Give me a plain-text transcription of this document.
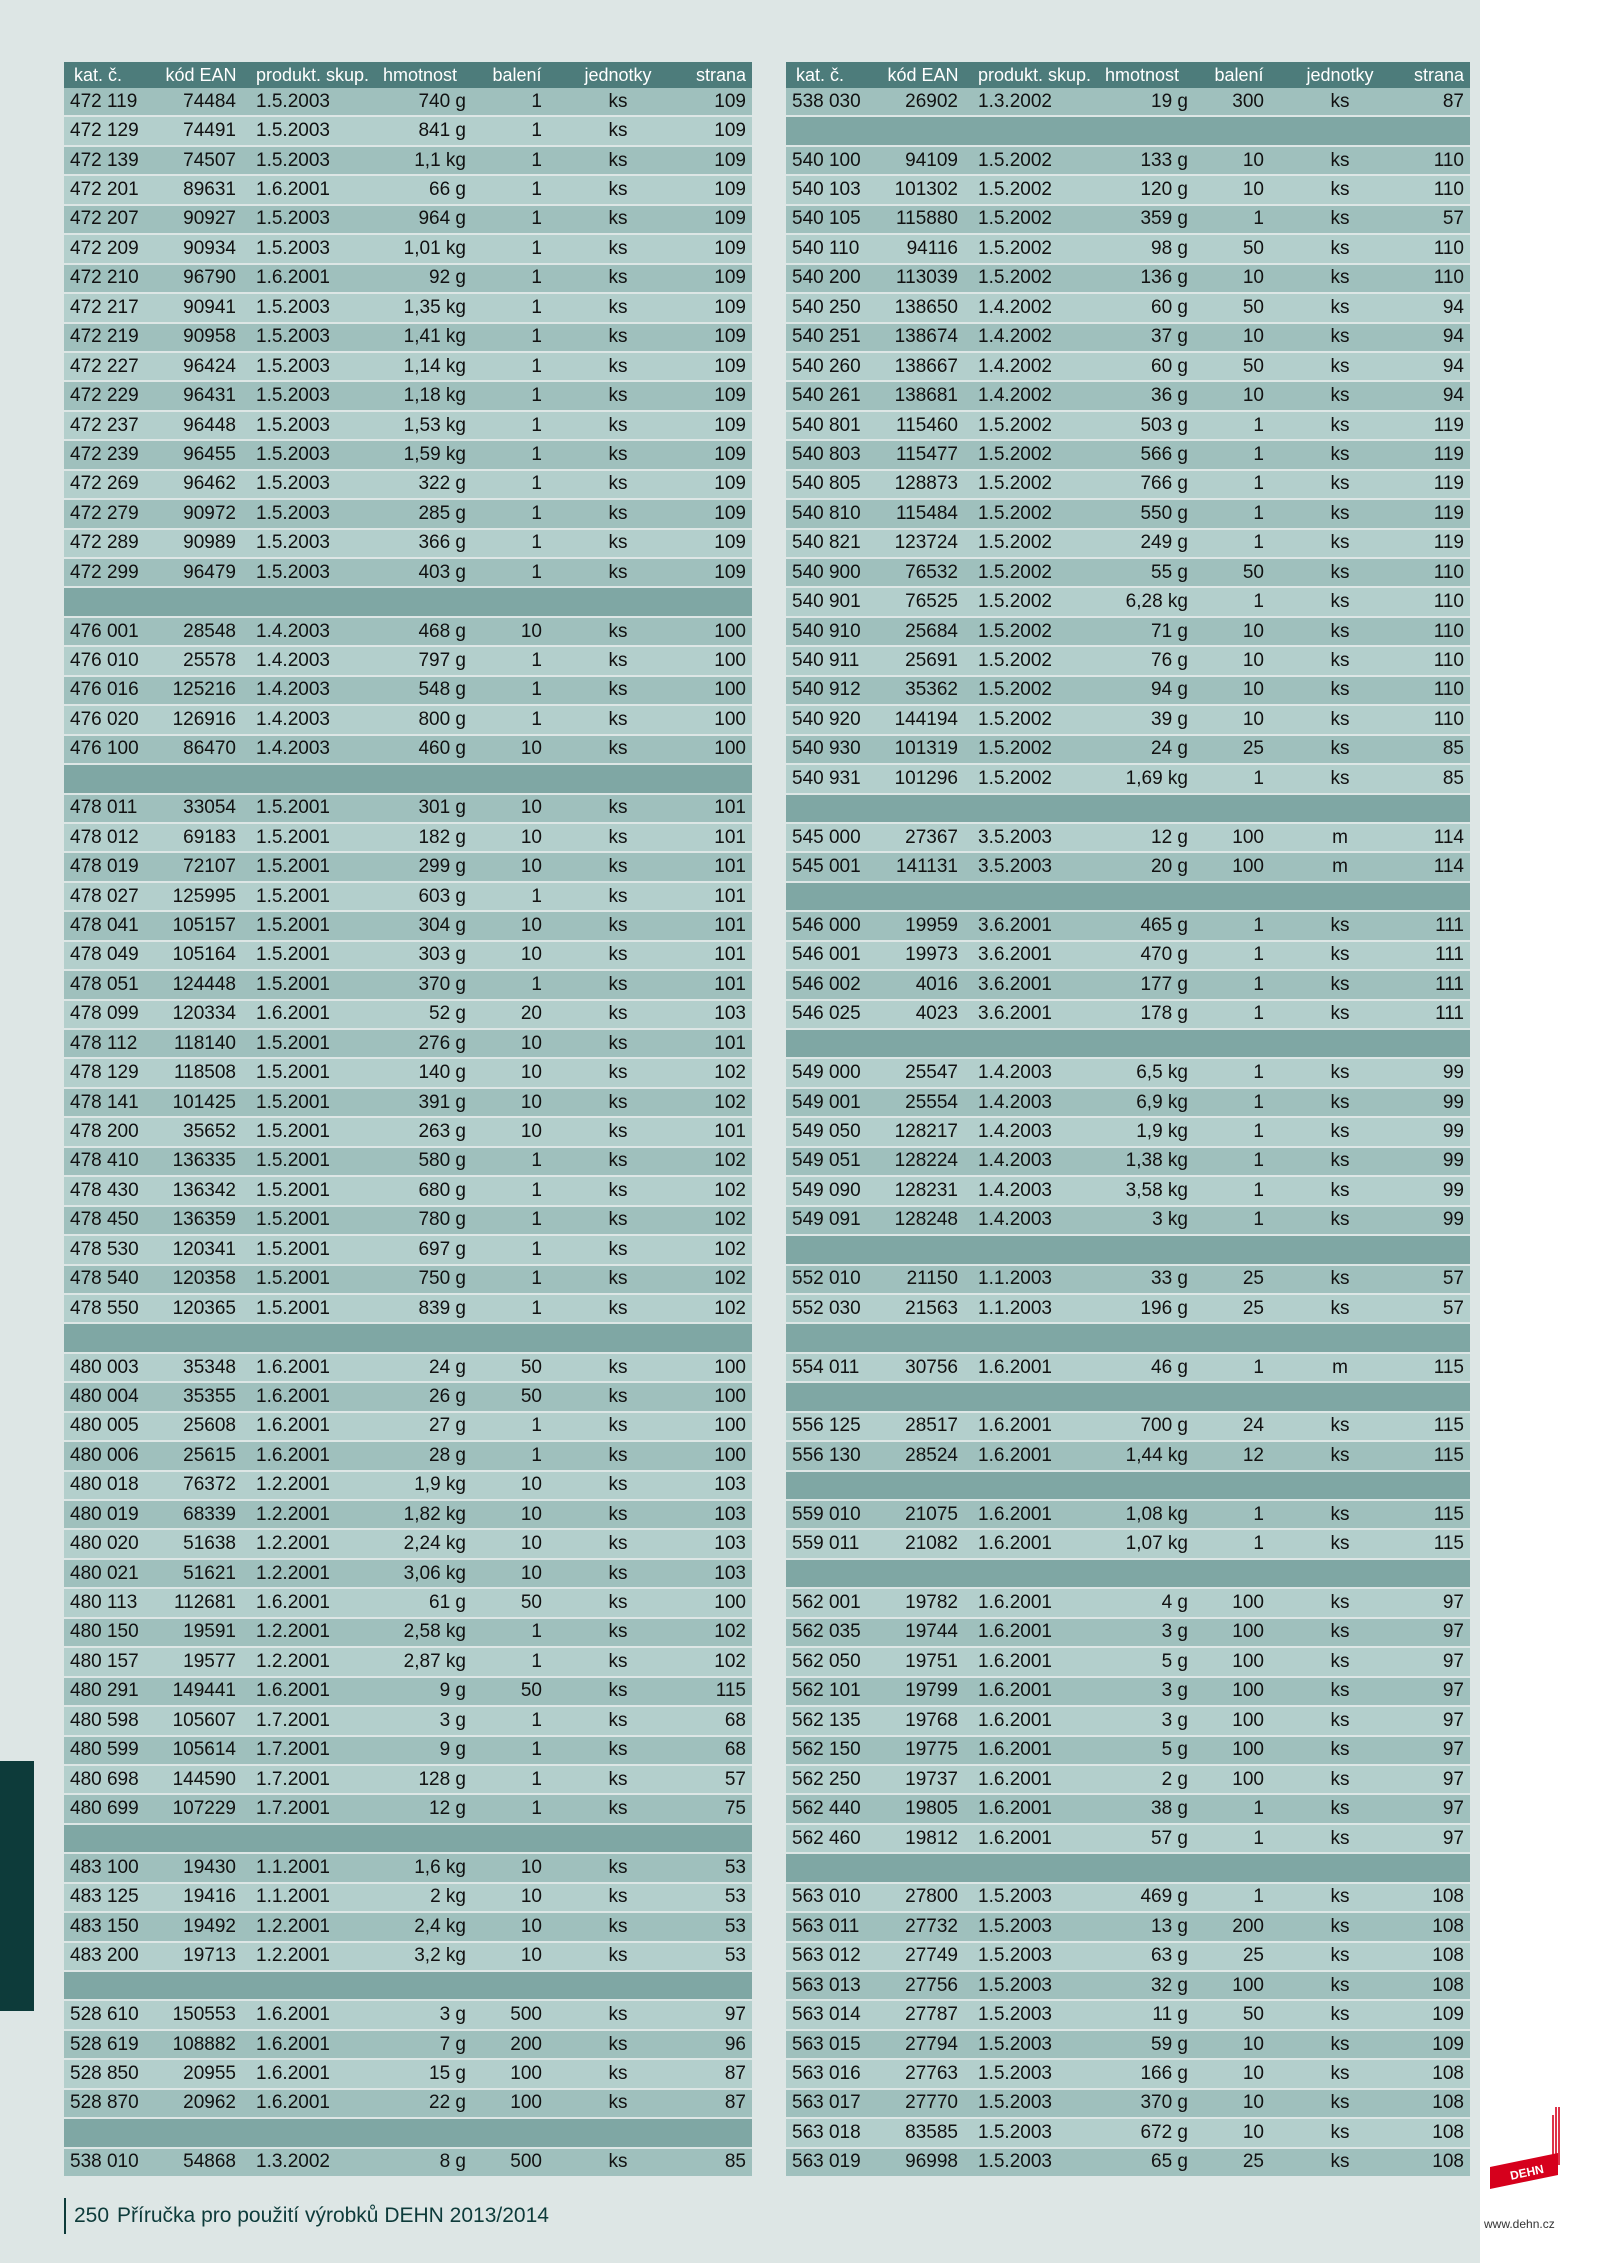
kat. č.	kód EAN	produkt. skup.	hmotnost	balení	jednotky	strana
472 119	74484	1.5.2003	740 g	1	ks	109
472 129	74491	1.5.2003	841 g	1	ks	109
472 139	74507	1.5.2003	1,1 kg	1	ks	109
472 201	89631	1.6.2001	66 g	1	ks	109
472 207	90927	1.5.2003	964 g	1	ks	109
472 209	90934	1.5.2003	1,01 kg	1	ks	109
472 210	96790	1.6.2001	92 g	1	ks	109
472 217	90941	1.5.2003	1,35 kg	1	ks	109
472 219	90958	1.5.2003	1,41 kg	1	ks	109
472 227	96424	1.5.2003	1,14 kg	1	ks	109
472 229	96431	1.5.2003	1,18 kg	1	ks	109
472 237	96448	1.5.2003	1,53 kg	1	ks	109
472 239	96455	1.5.2003	1,59 kg	1	ks	109
472 269	96462	1.5.2003	322 g	1	ks	109
472 279	90972	1.5.2003	285 g	1	ks	109
472 289	90989	1.5.2003	366 g	1	ks	109
472 299	96479	1.5.2003	403 g	1	ks	109

476 001	28548	1.4.2003	468 g	10	ks	100
476 010	25578	1.4.2003	797 g	1	ks	100
476 016	125216	1.4.2003	548 g	1	ks	100
476 020	126916	1.4.2003	800 g	1	ks	100
476 100	86470	1.4.2003	460 g	10	ks	100

478 011	33054	1.5.2001	301 g	10	ks	101
478 012	69183	1.5.2001	182 g	10	ks	101
478 019	72107	1.5.2001	299 g	10	ks	101
478 027	125995	1.5.2001	603 g	1	ks	101
478 041	105157	1.5.2001	304 g	10	ks	101
478 049	105164	1.5.2001	303 g	10	ks	101
478 051	124448	1.5.2001	370 g	1	ks	101
478 099	120334	1.6.2001	52 g	20	ks	103
478 112	118140	1.5.2001	276 g	10	ks	101
478 129	118508	1.5.2001	140 g	10	ks	102
478 141	101425	1.5.2001	391 g	10	ks	102
478 200	35652	1.5.2001	263 g	10	ks	101
478 410	136335	1.5.2001	580 g	1	ks	102
478 430	136342	1.5.2001	680 g	1	ks	102
478 450	136359	1.5.2001	780 g	1	ks	102
478 530	120341	1.5.2001	697 g	1	ks	102
478 540	120358	1.5.2001	750 g	1	ks	102
478 550	120365	1.5.2001	839 g	1	ks	102

480 003	35348	1.6.2001	24 g	50	ks	100
480 004	35355	1.6.2001	26 g	50	ks	100
480 005	25608	1.6.2001	27 g	1	ks	100
480 006	25615	1.6.2001	28 g	1	ks	100
480 018	76372	1.2.2001	1,9 kg	10	ks	103
480 019	68339	1.2.2001	1,82 kg	10	ks	103
480 020	51638	1.2.2001	2,24 kg	10	ks	103
480 021	51621	1.2.2001	3,06 kg	10	ks	103
480 113	112681	1.6.2001	61 g	50	ks	100
480 150	19591	1.2.2001	2,58 kg	1	ks	102
480 157	19577	1.2.2001	2,87 kg	1	ks	102
480 291	149441	1.6.2001	9 g	50	ks	115
480 598	105607	1.7.2001	3 g	1	ks	68
480 599	105614	1.7.2001	9 g	1	ks	68
480 698	144590	1.7.2001	128 g	1	ks	57
480 699	107229	1.7.2001	12 g	1	ks	75

483 100	19430	1.1.2001	1,6 kg	10	ks	53
483 125	19416	1.1.2001	2 kg	10	ks	53
483 150	19492	1.2.2001	2,4 kg	10	ks	53
483 200	19713	1.2.2001	3,2 kg	10	ks	53

528 610	150553	1.6.2001	3 g	500	ks	97
528 619	108882	1.6.2001	7 g	200	ks	96
528 850	20955	1.6.2001	15 g	100	ks	87
528 870	20962	1.6.2001	22 g	100	ks	87

538 010	54868	1.3.2002	8 g	500	ks	85
kat. č.	kód EAN	produkt. skup.	hmotnost	balení	jednotky	strana
538 030	26902	1.3.2002	19 g	300	ks	87

540 100	94109	1.5.2002	133 g	10	ks	110
540 103	101302	1.5.2002	120 g	10	ks	110
540 105	115880	1.5.2002	359 g	1	ks	57
540 110	94116	1.5.2002	98 g	50	ks	110
540 200	113039	1.5.2002	136 g	10	ks	110
540 250	138650	1.4.2002	60 g	50	ks	94
540 251	138674	1.4.2002	37 g	10	ks	94
540 260	138667	1.4.2002	60 g	50	ks	94
540 261	138681	1.4.2002	36 g	10	ks	94
540 801	115460	1.5.2002	503 g	1	ks	119
540 803	115477	1.5.2002	566 g	1	ks	119
540 805	128873	1.5.2002	766 g	1	ks	119
540 810	115484	1.5.2002	550 g	1	ks	119
540 821	123724	1.5.2002	249 g	1	ks	119
540 900	76532	1.5.2002	55 g	50	ks	110
540 901	76525	1.5.2002	6,28 kg	1	ks	110
540 910	25684	1.5.2002	71 g	10	ks	110
540 911	25691	1.5.2002	76 g	10	ks	110
540 912	35362	1.5.2002	94 g	10	ks	110
540 920	144194	1.5.2002	39 g	10	ks	110
540 930	101319	1.5.2002	24 g	25	ks	85
540 931	101296	1.5.2002	1,69 kg	1	ks	85

545 000	27367	3.5.2003	12 g	100	m	114
545 001	141131	3.5.2003	20 g	100	m	114

546 000	19959	3.6.2001	465 g	1	ks	111
546 001	19973	3.6.2001	470 g	1	ks	111
546 002	4016	3.6.2001	177 g	1	ks	111
546 025	4023	3.6.2001	178 g	1	ks	111

549 000	25547	1.4.2003	6,5 kg	1	ks	99
549 001	25554	1.4.2003	6,9 kg	1	ks	99
549 050	128217	1.4.2003	1,9 kg	1	ks	99
549 051	128224	1.4.2003	1,38 kg	1	ks	99
549 090	128231	1.4.2003	3,58 kg	1	ks	99
549 091	128248	1.4.2003	3 kg	1	ks	99

552 010	21150	1.1.2003	33 g	25	ks	57
552 030	21563	1.1.2003	196 g	25	ks	57

554 011	30756	1.6.2001	46 g	1	m	115

556 125	28517	1.6.2001	700 g	24	ks	115
556 130	28524	1.6.2001	1,44 kg	12	ks	115

559 010	21075	1.6.2001	1,08 kg	1	ks	115
559 011	21082	1.6.2001	1,07 kg	1	ks	115

562 001	19782	1.6.2001	4 g	100	ks	97
562 035	19744	1.6.2001	3 g	100	ks	97
562 050	19751	1.6.2001	5 g	100	ks	97
562 101	19799	1.6.2001	3 g	100	ks	97
562 135	19768	1.6.2001	3 g	100	ks	97
562 150	19775	1.6.2001	5 g	100	ks	97
562 250	19737	1.6.2001	2 g	100	ks	97
562 440	19805	1.6.2001	38 g	1	ks	97
562 460	19812	1.6.2001	57 g	1	ks	97

563 010	27800	1.5.2003	469 g	1	ks	108
563 011	27732	1.5.2003	13 g	200	ks	108
563 012	27749	1.5.2003	63 g	25	ks	108
563 013	27756	1.5.2003	32 g	100	ks	108
563 014	27787	1.5.2003	11 g	50	ks	109
563 015	27794	1.5.2003	59 g	10	ks	109
563 016	27763	1.5.2003	166 g	10	ks	108
563 017	27770	1.5.2003	370 g	10	ks	108
563 018	83585	1.5.2003	672 g	10	ks	108
563 019	96998	1.5.2003	65 g	25	ks	108
250 Příručka pro použití výrobků DEHN 2013/2014
DEHN
www.dehn.cz
